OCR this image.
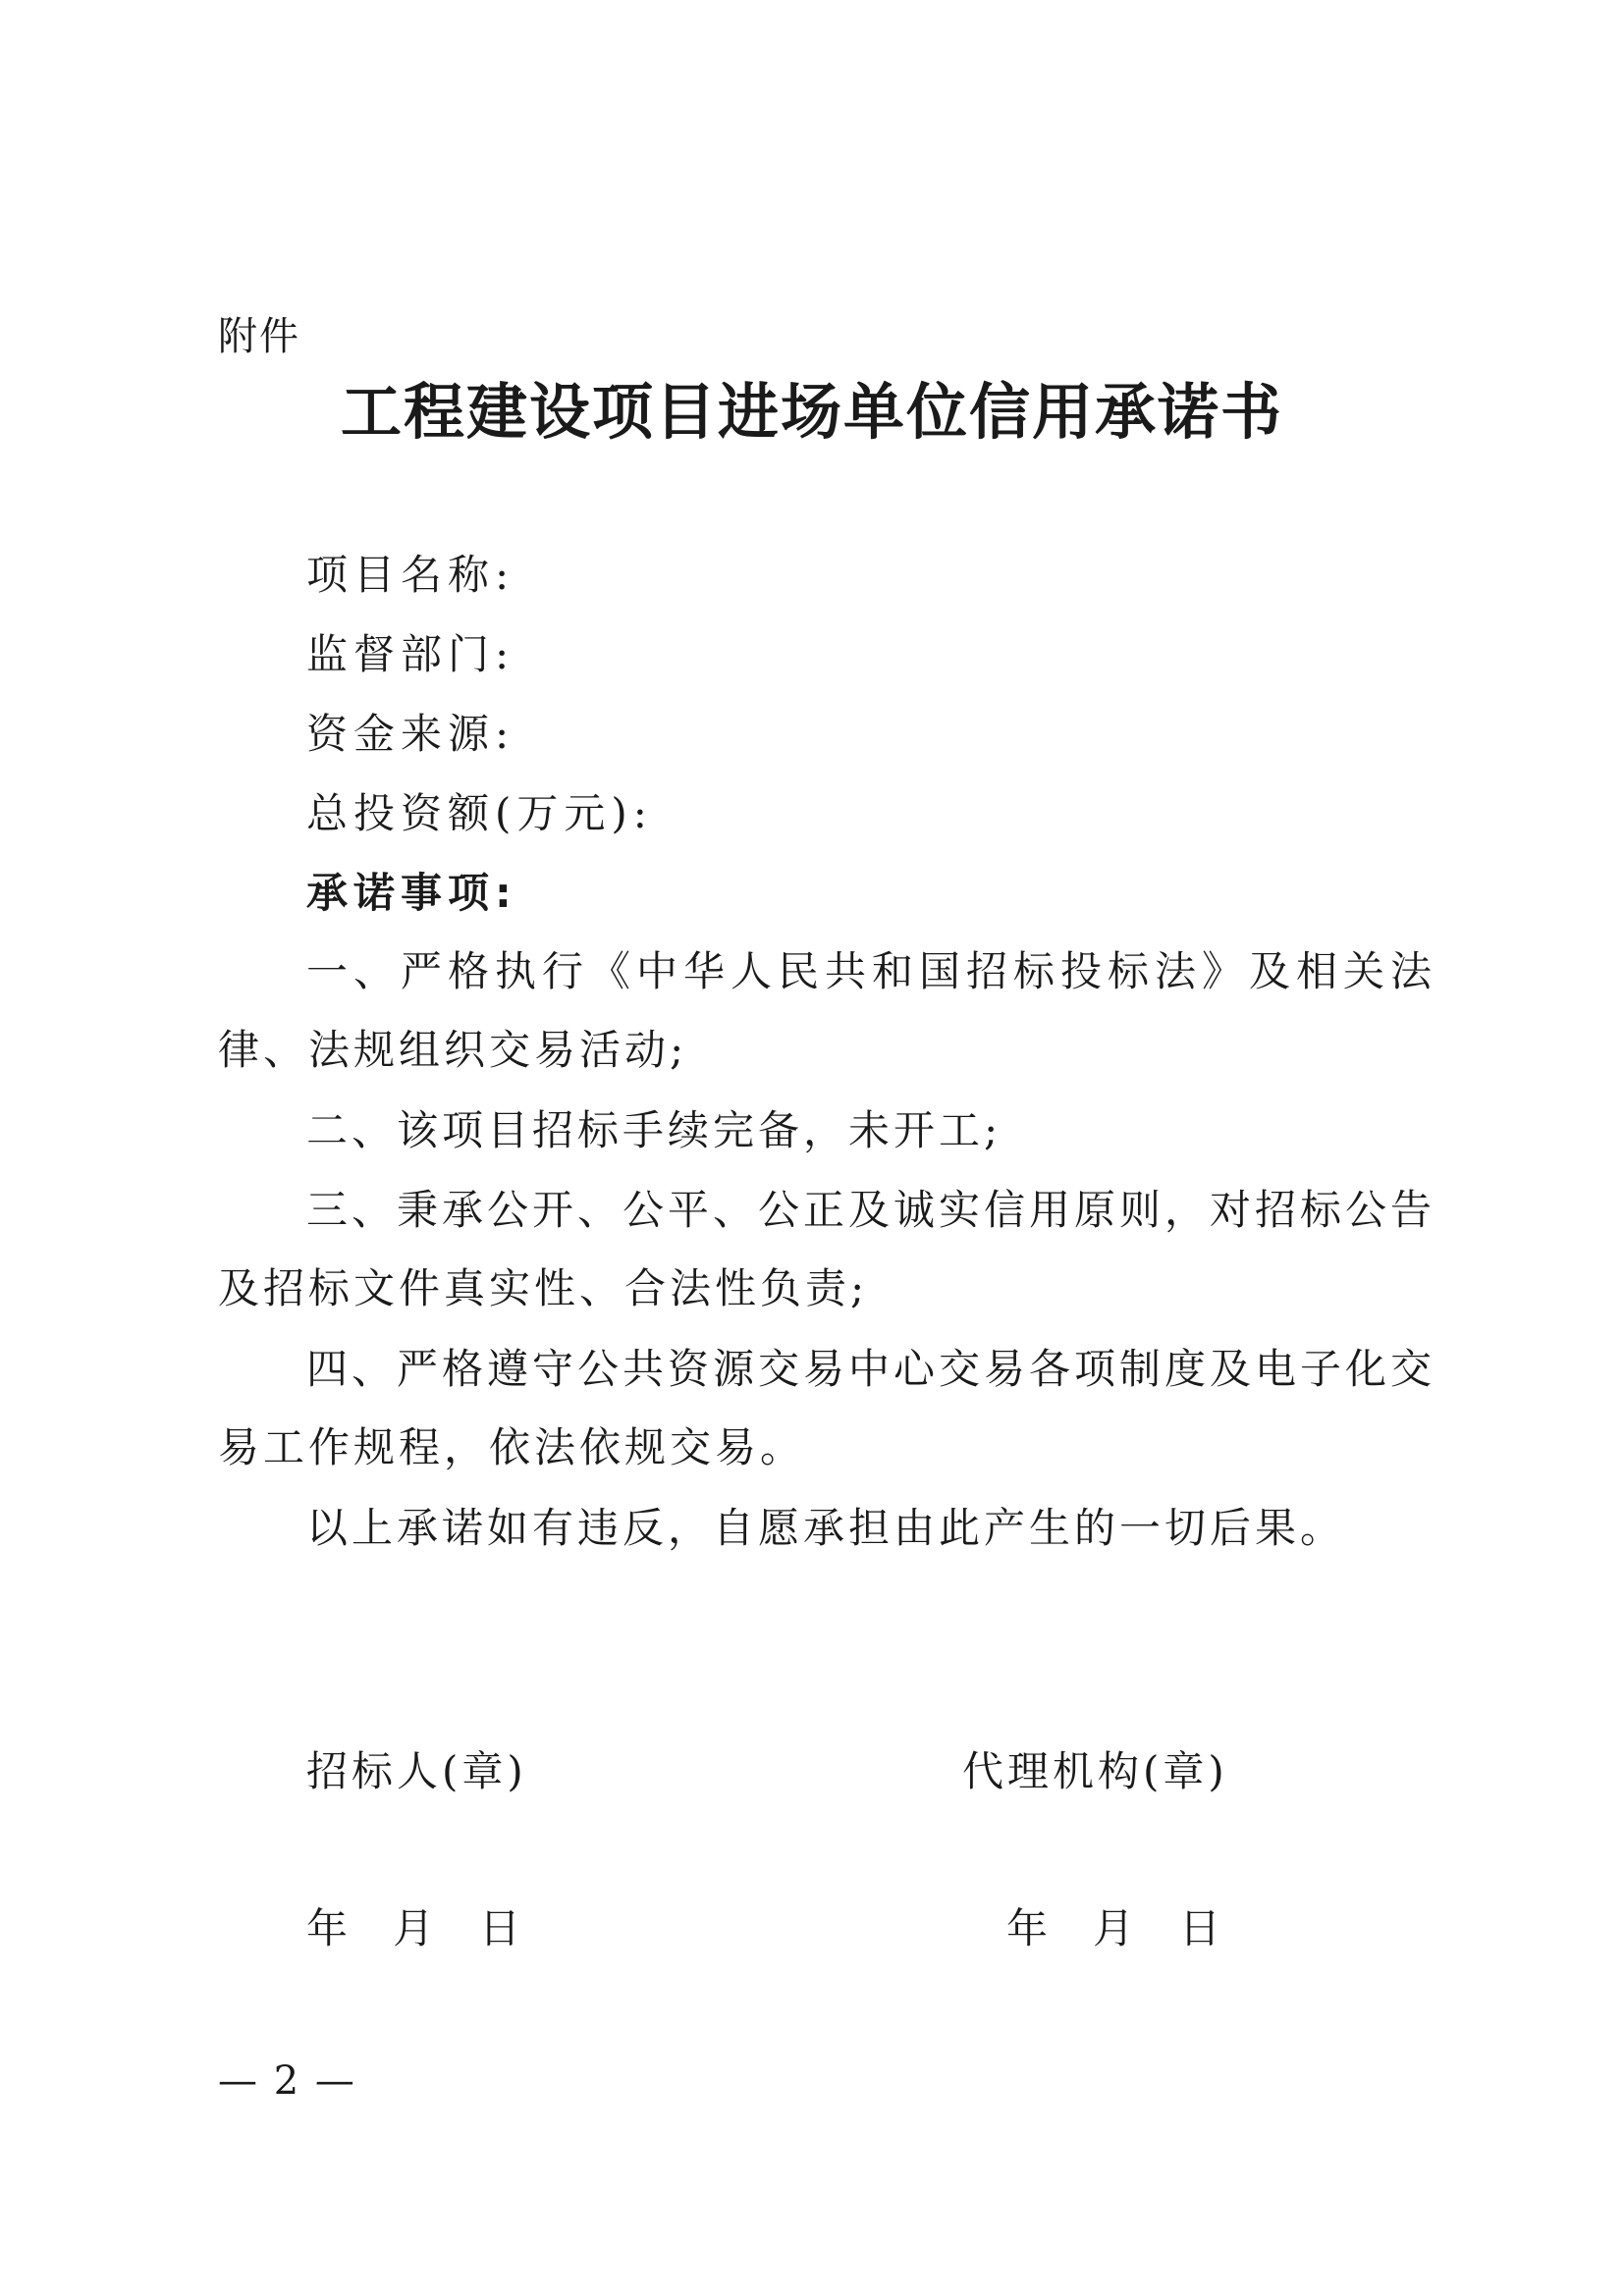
附件
工程建设项目进场单位信用承诺书
项目名称:
监督部门:
资金来源:
总投资额(万元):
承诺事项:
一、严格执行《中华人民共和国招标投标法》及相关法律、法规组织交易活动;
二、该项目招标手续完备，未开工;
三、秉承公开、公平、公正及诚实信用原则，对招标公告及招标文件真实性、合法性负责;
四、严格遵守公共资源交易中心交易各项制度及电子化交易工作规程，依法依规交易。
以上承诺如有违反，自愿承担由此产生的一切后果。
招标人(章)	代理机构(章)
年 月 日	年 月 日
— 2 —
